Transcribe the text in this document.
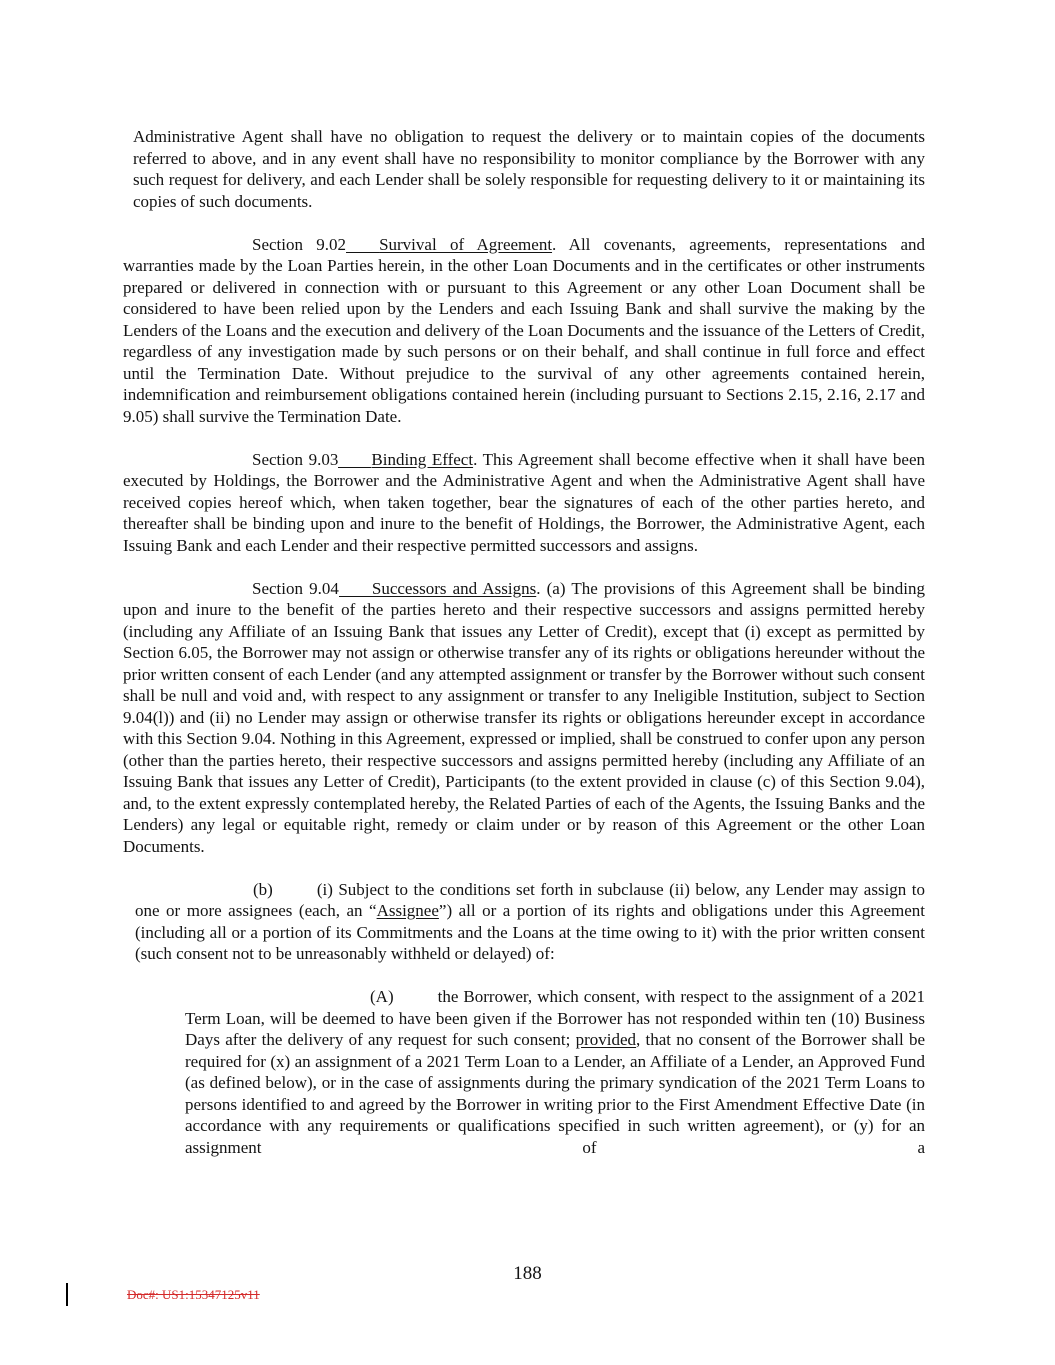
Administrative Agent shall have no obligation to request the delivery or to maintain copies of the documents referred to above, and in any event shall have no responsibility to monitor compliance by the Borrower with any such request for delivery, and each Lender shall be solely responsible for requesting delivery to it or maintaining its copies of such documents.

Section 9.02 Survival of Agreement. All covenants, agreements, representations and warranties made by the Loan Parties herein, in the other Loan Documents and in the certificates or other instruments prepared or delivered in connection with or pursuant to this Agreement or any other Loan Document shall be considered to have been relied upon by the Lenders and each Issuing Bank and shall survive the making by the Lenders of the Loans and the execution and delivery of the Loan Documents and the issuance of the Letters of Credit, regardless of any investigation made by such persons or on their behalf, and shall continue in full force and effect until the Termination Date. Without prejudice to the survival of any other agreements contained herein, indemnification and reimbursement obligations contained herein (including pursuant to Sections 2.15, 2.16, 2.17 and 9.05) shall survive the Termination Date.

Section 9.03 Binding Effect. This Agreement shall become effective when it shall have been executed by Holdings, the Borrower and the Administrative Agent and when the Administrative Agent shall have received copies hereof which, when taken together, bear the signatures of each of the other parties hereto, and thereafter shall be binding upon and inure to the benefit of Holdings, the Borrower, the Administrative Agent, each Issuing Bank and each Lender and their respective permitted successors and assigns.

Section 9.04 Successors and Assigns. (a) The provisions of this Agreement shall be binding upon and inure to the benefit of the parties hereto and their respective successors and assigns permitted hereby (including any Affiliate of an Issuing Bank that issues any Letter of Credit), except that (i) except as permitted by Section 6.05, the Borrower may not assign or otherwise transfer any of its rights or obligations hereunder without the prior written consent of each Lender (and any attempted assignment or transfer by the Borrower without such consent shall be null and void and, with respect to any assignment or transfer to any Ineligible Institution, subject to Section 9.04(l)) and (ii) no Lender may assign or otherwise transfer its rights or obligations hereunder except in accordance with this Section 9.04. Nothing in this Agreement, expressed or implied, shall be construed to confer upon any person (other than the parties hereto, their respective successors and assigns permitted hereby (including any Affiliate of an Issuing Bank that issues any Letter of Credit), Participants (to the extent provided in clause (c) of this Section 9.04), and, to the extent expressly contemplated hereby, the Related Parties of each of the Agents, the Issuing Banks and the Lenders) any legal or equitable right, remedy or claim under or by reason of this Agreement or the other Loan Documents.

(b)	(i) Subject to the conditions set forth in subclause (ii) below, any Lender may assign to one or more assignees (each, an “Assignee”) all or a portion of its rights and obligations under this Agreement (including all or a portion of its Commitments and the Loans at the time owing to it) with the prior written consent (such consent not to be unreasonably withheld or delayed) of:

(A)	the Borrower, which consent, with respect to the assignment of a 2021 Term Loan, will be deemed to have been given if the Borrower has not responded within ten (10) Business Days after the delivery of any request for such consent; provided, that no consent of the Borrower shall be required for (x) an assignment of a 2021 Term Loan to a Lender, an Affiliate of a Lender, an Approved Fund (as defined below), or in the case of assignments during the primary syndication of the 2021 Term Loans to persons identified to and agreed by the Borrower in writing prior to the First Amendment Effective Date (in accordance with any requirements or qualifications specified in such written agreement), or (y) for an assignment of a

188
Doc#: US1:15347125v11
